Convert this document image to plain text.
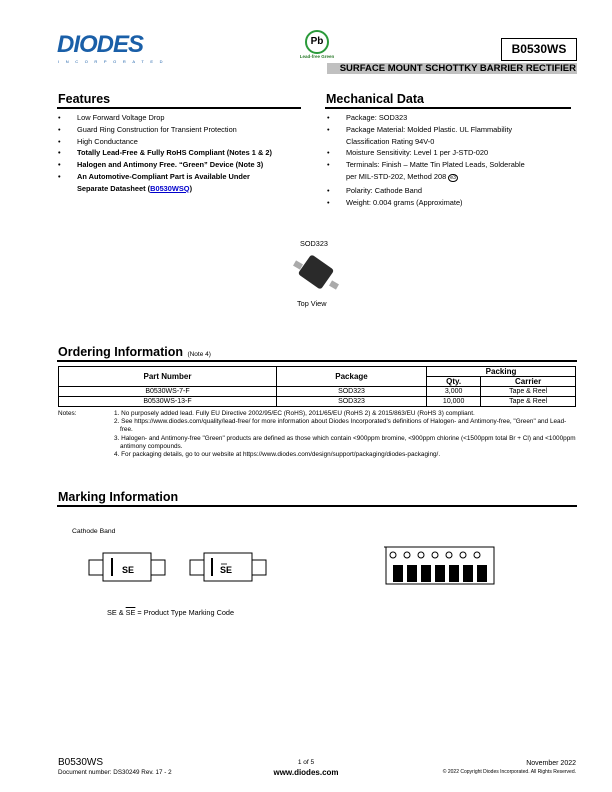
DIODES
INCORPORATED
Pb
Lead-free Green
B0530WS
SURFACE MOUNT SCHOTTKY BARRIER RECTIFIER
Features
• Low Forward Voltage Drop
• Guard Ring Construction for Transient Protection
• High Conductance
• Totally Lead-Free & Fully RoHS Compliant (Notes 1 & 2)
• Halogen and Antimony Free. “Green” Device (Note 3)
• An Automotive-Compliant Part is Available Under
Separate Datasheet (B0530WSQ)
Mechanical Data
• Package: SOD323
• Package Material: Molded Plastic. UL Flammability
Classification Rating 94V-0
• Moisture Sensitivity: Level 1 per J-STD-020
• Terminals: Finish – Matte Tin Plated Leads, Solderable
per MIL-STD-202, Method 208 e3
• Polarity: Cathode Band
• Weight: 0.004 grams (Approximate)
SOD323
Top View
Ordering Information (Note 4)
Part Number	Package	Packing	
		Qty.	Carrier
B0530WS-7-F	SOD323	3,000	Tape & Reel
B0530WS-13-F	SOD323	10,000	Tape & Reel
Notes:	1. No purposely added lead. Fully EU Directive 2002/95/EC (RoHS), 2011/65/EU (RoHS 2) & 2015/863/EU (RoHS 3) compliant.
2. See https://www.diodes.com/quality/lead-free/ for more information about Diodes Incorporated's definitions of Halogen- and Antimony-free, "Green" and Lead-free.
3. Halogen- and Antimony-free "Green" products are defined as those which contain <900ppm bromine, <900ppm chlorine (<1500ppm total Br + Cl) and <1000ppm antimony compounds.
4. For packaging details, go to our website at https://www.diodes.com/design/support/packaging/diodes-packaging/.
Marking Information
Cathode Band
SE	SE
SE & $\overline{SE}$ = Product Type Marking Code
B0530WS
Document number: DS30249 Rev. 17 - 2
1 of 5
www.diodes.com
November 2022
© 2022 Copyright Diodes Incorporated. All Rights Reserved.
